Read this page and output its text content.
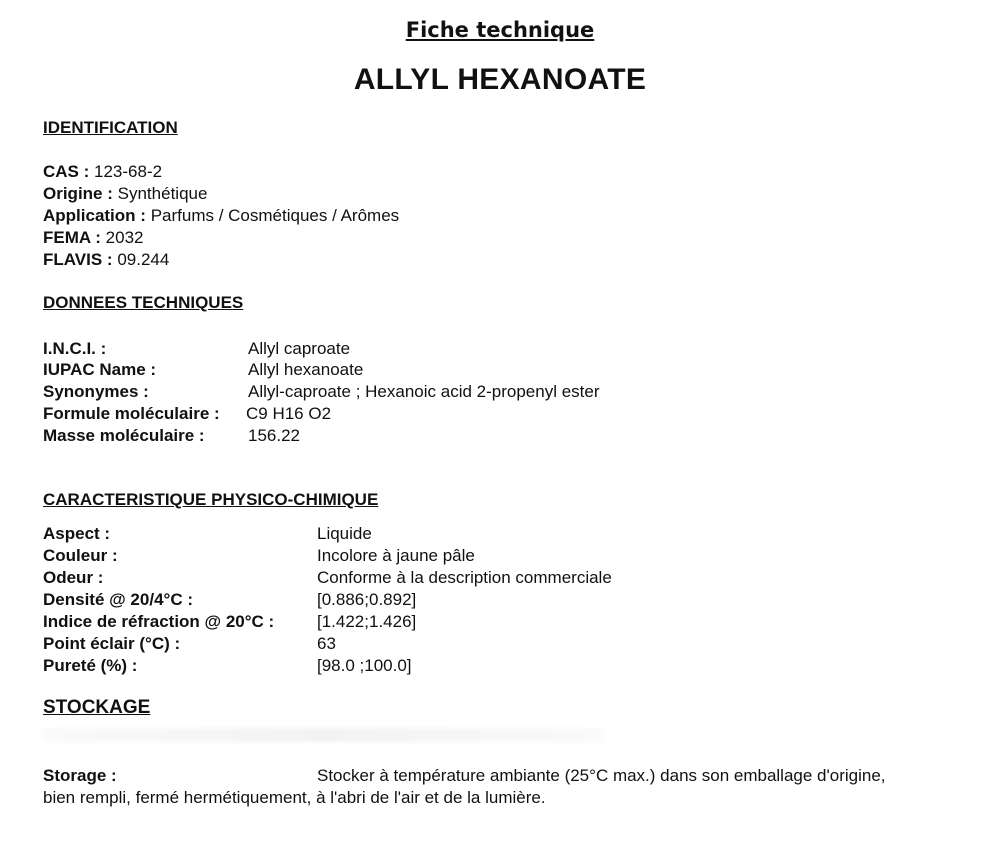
Fiche technique
ALLYL HEXANOATE
IDENTIFICATION
CAS : 123-68-2
Origine : Synthétique
Application : Parfums / Cosmétiques / Arômes
FEMA : 2032
FLAVIS : 09.244
DONNEES TECHNIQUES
I.N.C.I. :	Allyl caproate
IUPAC Name :	Allyl hexanoate
Synonymes :	Allyl-caproate ; Hexanoic acid 2-propenyl ester
Formule moléculaire : C9 H16 O2
Masse moléculaire :	156.22
CARACTERISTIQUE PHYSICO-CHIMIQUE
Aspect :	Liquide
Couleur :	Incolore à jaune pâle
Odeur :	Conforme à la description commerciale
Densité @ 20/4°C :	[0.886;0.892]
Indice de réfraction @ 20°C :	[1.422;1.426]
Point éclair (°C) :	63
Pureté (%) :	[98.0 ;100.0]
STOCKAGE
Storage :	Stocker à température ambiante (25°C max.) dans son emballage d'origine,
bien rempli, fermé hermétiquement, à l'abri de l'air et de la lumière.
